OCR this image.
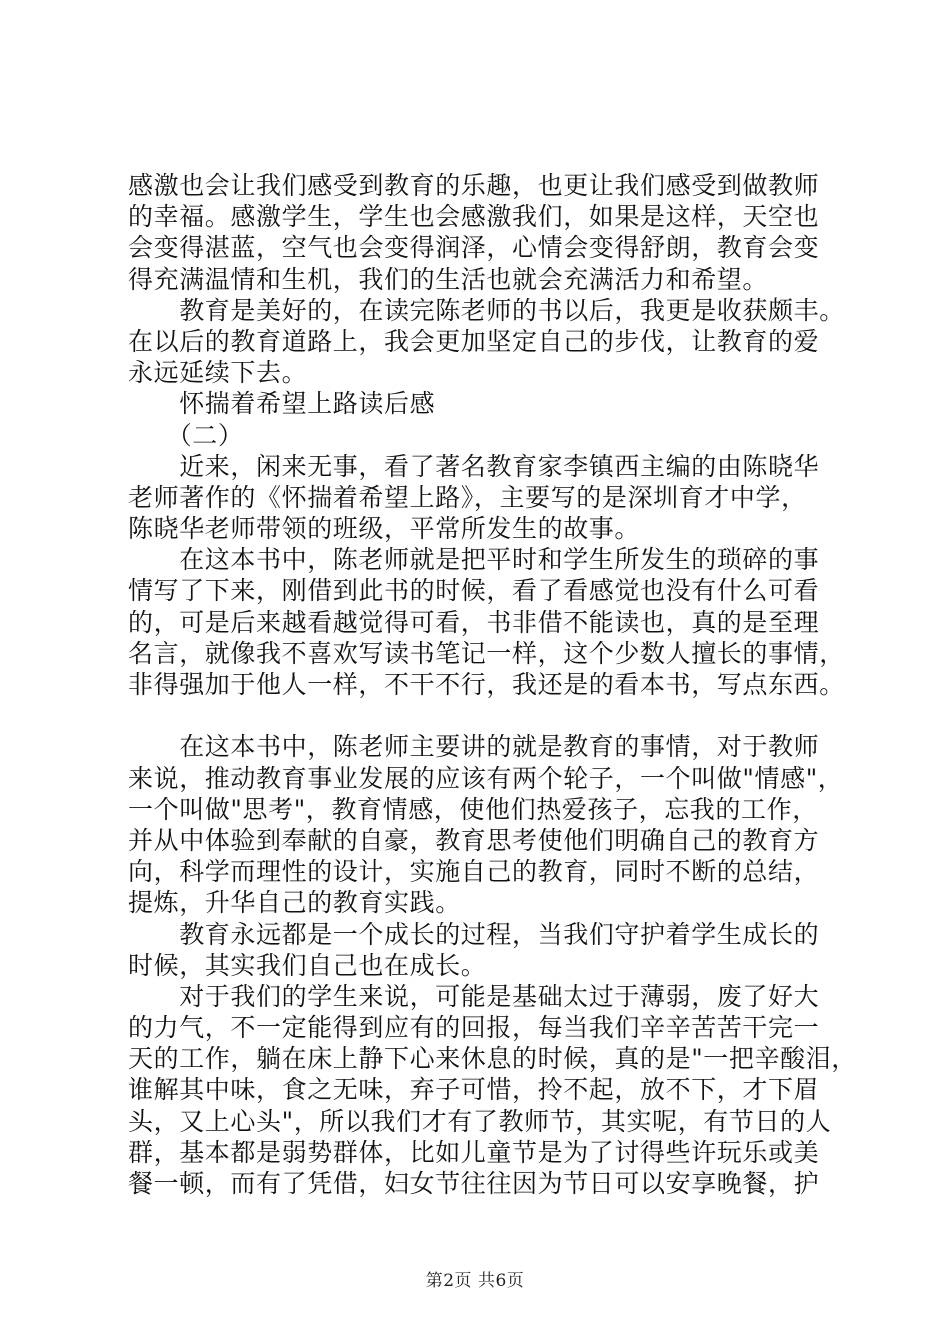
感激也会让我们感受到教育的乐趣，也更让我们感受到做教师
的幸福。感激学生，学生也会感激我们，如果是这样，天空也
会变得湛蓝，空气也会变得润泽，心情会变得舒朗，教育会变
得充满温情和生机，我们的生活也就会充满活力和希望。
　　教育是美好的，在读完陈老师的书以后，我更是收获颇丰。
在以后的教育道路上，我会更加坚定自己的步伐，让教育的爱
永远延续下去。
　　怀揣着希望上路读后感
　　（二）
　　近来，闲来无事，看了著名教育家李镇西主编的由陈晓华
老师著作的《怀揣着希望上路》，主要写的是深圳育才中学，
陈晓华老师带领的班级，平常所发生的故事。
　　在这本书中，陈老师就是把平时和学生所发生的琐碎的事
情写了下来，刚借到此书的时候，看了看感觉也没有什么可看
的，可是后来越看越觉得可看，书非借不能读也，真的是至理
名言，就像我不喜欢写读书笔记一样，这个少数人擅长的事情，
非得强加于他人一样，不干不行，我还是的看本书，写点东西。
　　在这本书中，陈老师主要讲的就是教育的事情，对于教师
来说，推动教育事业发展的应该有两个轮子，一个叫做"情感"，
一个叫做"思考"，教育情感，使他们热爱孩子，忘我的工作，
并从中体验到奉献的自豪，教育思考使他们明确自己的教育方
向，科学而理性的设计，实施自己的教育，同时不断的总结，
提炼，升华自己的教育实践。
　　教育永远都是一个成长的过程，当我们守护着学生成长的
时候，其实我们自己也在成长。
　　对于我们的学生来说，可能是基础太过于薄弱，废了好大
的力气，不一定能得到应有的回报，每当我们辛辛苦苦干完一
天的工作，躺在床上静下心来休息的时候，真的是"一把辛酸泪，
谁解其中味，食之无味，弃子可惜，拎不起，放不下，才下眉
头，又上心头"，所以我们才有了教师节，其实呢，有节日的人
群，基本都是弱势群体，比如儿童节是为了讨得些许玩乐或美
餐一顿，而有了凭借，妇女节往往因为节日可以安享晚餐，护
第2页 共6页
